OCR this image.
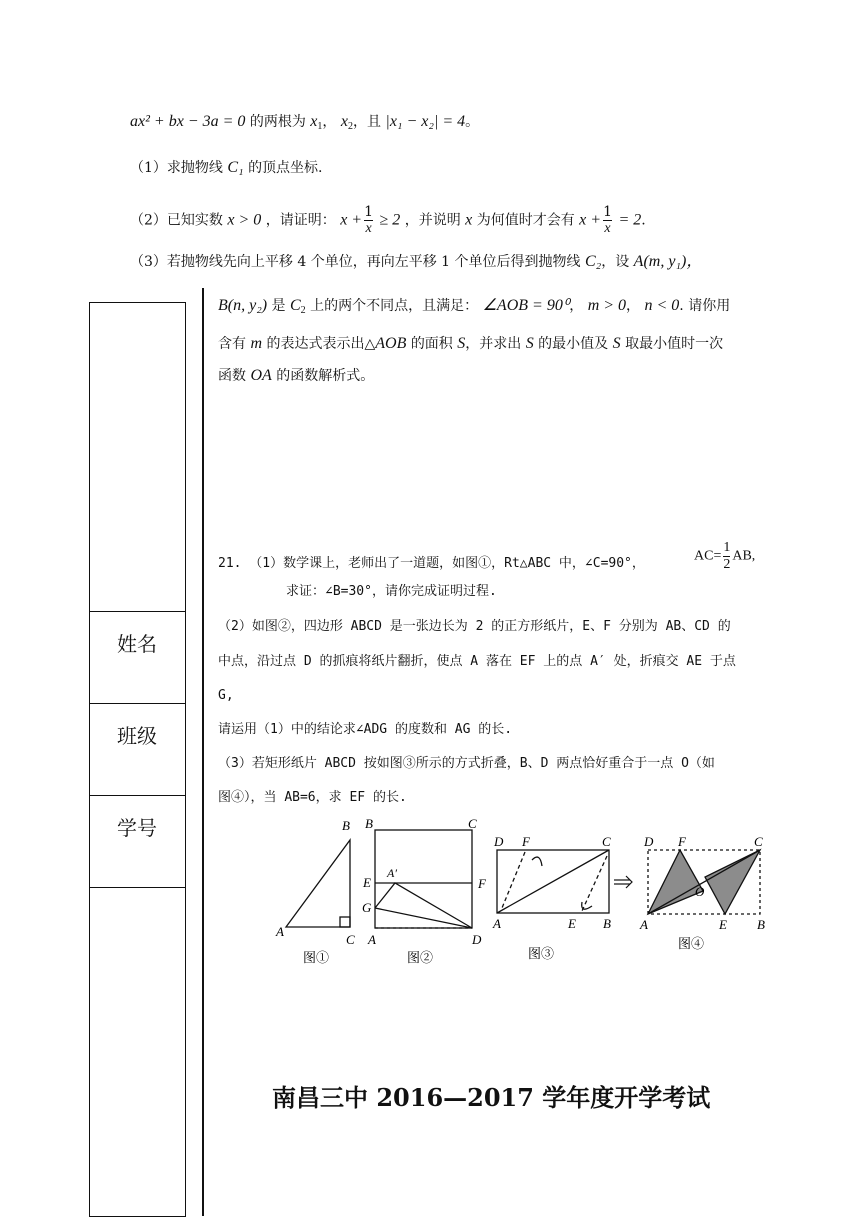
ax² + bx − 3a = 0 的两根为 $x_1$， $x_2$，且 |x₁ − x₂| = 4。
（1）求抛物线 C₁ 的顶点坐标.
（2）已知实数 x > 0 ，请证明： $x + \frac{1}{x} \ge 2$ ，并说明 x 为何值时才会有 $x + \frac{1}{x} = 2$.
（3）若抛物线先向上平移 4 个单位，再向左平移 1 个单位后得到抛物线 C₂，设 A(m, y₁)，
B(n, y₂) 是 $C_2$ 上的两个不同点，且满足： ∠AOB = 90⁰， m > 0， n < 0. 请你用
含有 m 的表达式表示出△AOB 的面积 S，并求出 S 的最小值及 S 取最小值时一次
函数 OA 的函数解析式。
姓名
班级
学号
21. （1）数学课上，老师出了一道题，如图①，Rt△ABC 中，∠C=90°，	$AC= \frac{1}{2}$ AB,
求证：∠B=30°，请你完成证明过程.
（2）如图②，四边形 ABCD 是一张边长为 2 的正方形纸片，E、F 分别为 AB、CD 的
中点，沿过点 D 的抓痕将纸片翻折，使点 A 落在 EF 上的点 A′ 处，折痕交 AE 于点
G,
请运用（1）中的结论求∠ADG 的度数和 AG 的长.
（3）若矩形纸片 ABCD 按如图③所示的方式折叠，B、D 两点恰好重合于一点 O（如
图④），当 AB=6，求 EF 的长.
B
A
C
图①
B	C
A′
E	F
G
A	D
图②
D F	C
A	E B
图③
D F	C
O
A	E B
图④
南昌三中 2016—2017 学年度开学考试
